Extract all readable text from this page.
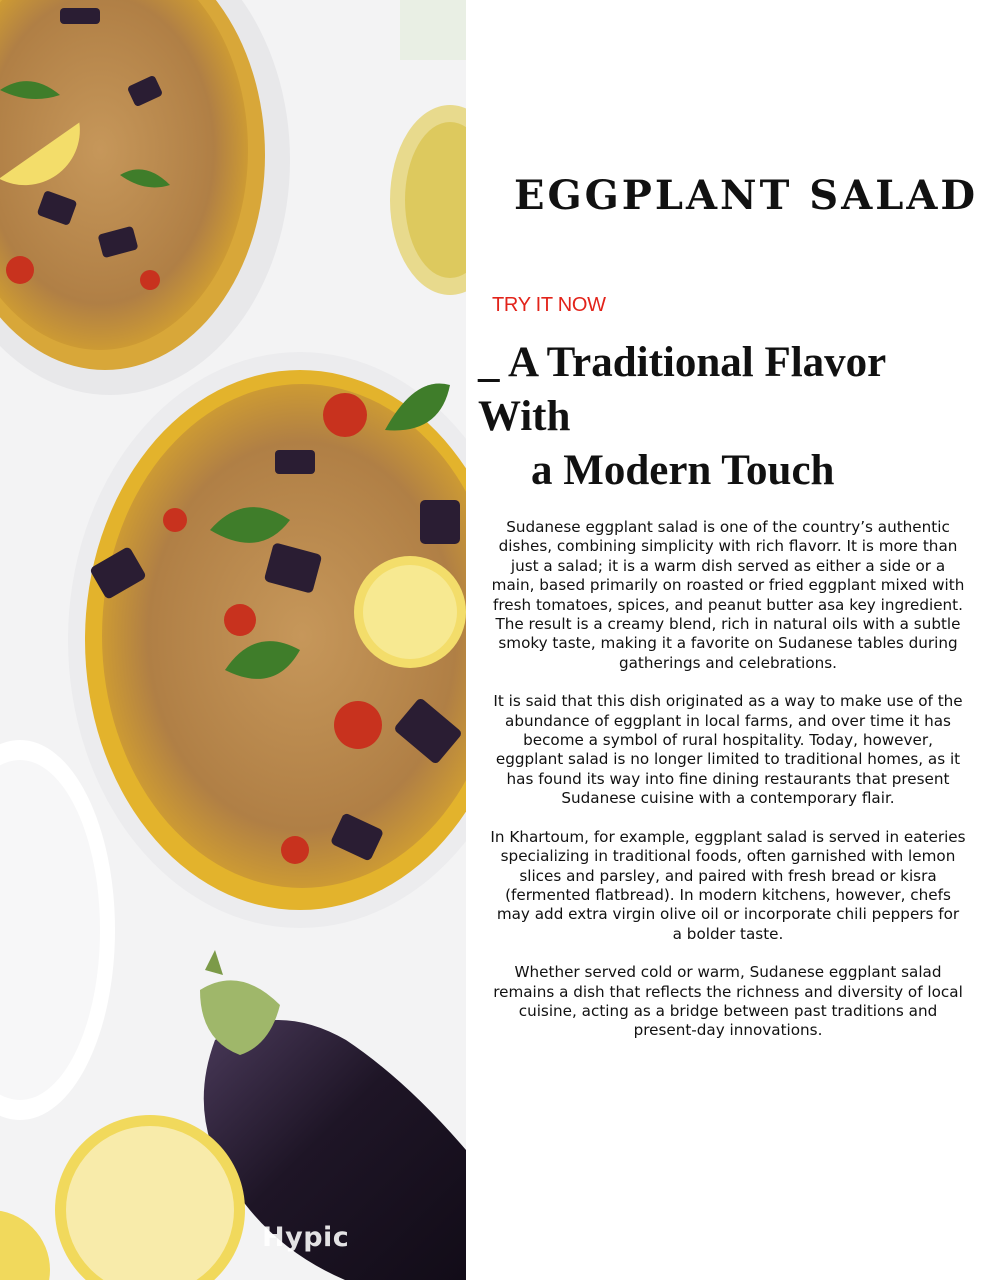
Hypic
EGGPLANT SALAD

TRY IT NOW

_ A Traditional Flavor With
a Modern Touch

Sudanese eggplant salad is one of the country’s authentic dishes, combining simplicity with rich flavorr. It is more than just a salad; it is a warm dish served as either a side or a main, based primarily on roasted or fried eggplant mixed with fresh tomatoes, spices, and peanut butter asa key ingredient. The result is a creamy blend, rich in natural oils with a subtle smoky taste, making it a favorite on Sudanese tables during gatherings and celebrations.

It is said that this dish originated as a way to make use of the abundance of eggplant in local farms, and over time it has become a symbol of rural hospitality. Today, however, eggplant salad is no longer limited to traditional homes, as it has found its way into fine dining restaurants that present Sudanese cuisine with a contemporary flair.

In Khartoum, for example, eggplant salad is served in eateries specializing in traditional foods, often garnished with lemon slices and parsley, and paired with fresh bread or kisra (fermented flatbread). In modern kitchens, however, chefs may add extra virgin olive oil or incorporate chili peppers for a bolder taste.

Whether served cold or warm, Sudanese eggplant salad remains a dish that reflects the richness and diversity of local cuisine, acting as a bridge between past traditions and present-day innovations.
